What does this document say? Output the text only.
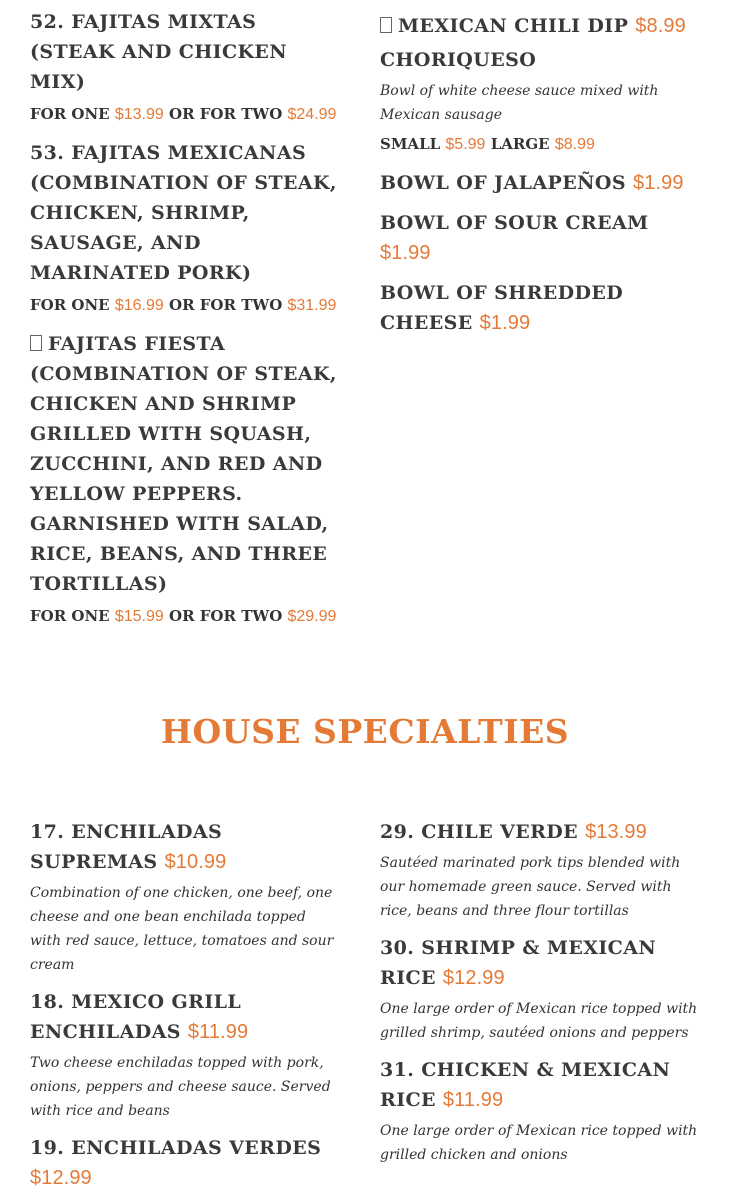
52. FAJITAS MIXTAS (STEAK AND CHICKEN MIX)
FOR ONE $13.99 OR FOR TWO $24.99
53. FAJITAS MEXICANAS (COMBINATION OF STEAK, CHICKEN, SHRIMP, SAUSAGE, AND MARINATED PORK)
FOR ONE $16.99 OR FOR TWO $31.99
FAJITAS FIESTA (COMBINATION OF STEAK, CHICKEN AND SHRIMP GRILLED WITH SQUASH, ZUCCHINI, AND RED AND YELLOW PEPPERS. GARNISHED WITH SALAD, RICE, BEANS, AND THREE TORTILLAS)
FOR ONE $15.99 OR FOR TWO $29.99
MEXICAN CHILI DIP $8.99
CHORIQUESO
Bowl of white cheese sauce mixed with Mexican sausage
SMALL $5.99 LARGE $8.99
BOWL OF JALAPEÑOS $1.99
BOWL OF SOUR CREAM $1.99
BOWL OF SHREDDED CHEESE $1.99
HOUSE SPECIALTIES
17. ENCHILADAS SUPREMAS $10.99
Combination of one chicken, one beef, one cheese and one bean enchilada topped with red sauce, lettuce, tomatoes and sour cream
18. MEXICO GRILL ENCHILADAS $11.99
Two cheese enchiladas topped with pork, onions, peppers and cheese sauce. Served with rice and beans
19. ENCHILADAS VERDES $12.99
29. CHILE VERDE $13.99
Sautéed marinated pork tips blended with our homemade green sauce. Served with rice, beans and three flour tortillas
30. SHRIMP & MEXICAN RICE $12.99
One large order of Mexican rice topped with grilled shrimp, sautéed onions and peppers
31. CHICKEN & MEXICAN RICE $11.99
One large order of Mexican rice topped with grilled chicken and onions
